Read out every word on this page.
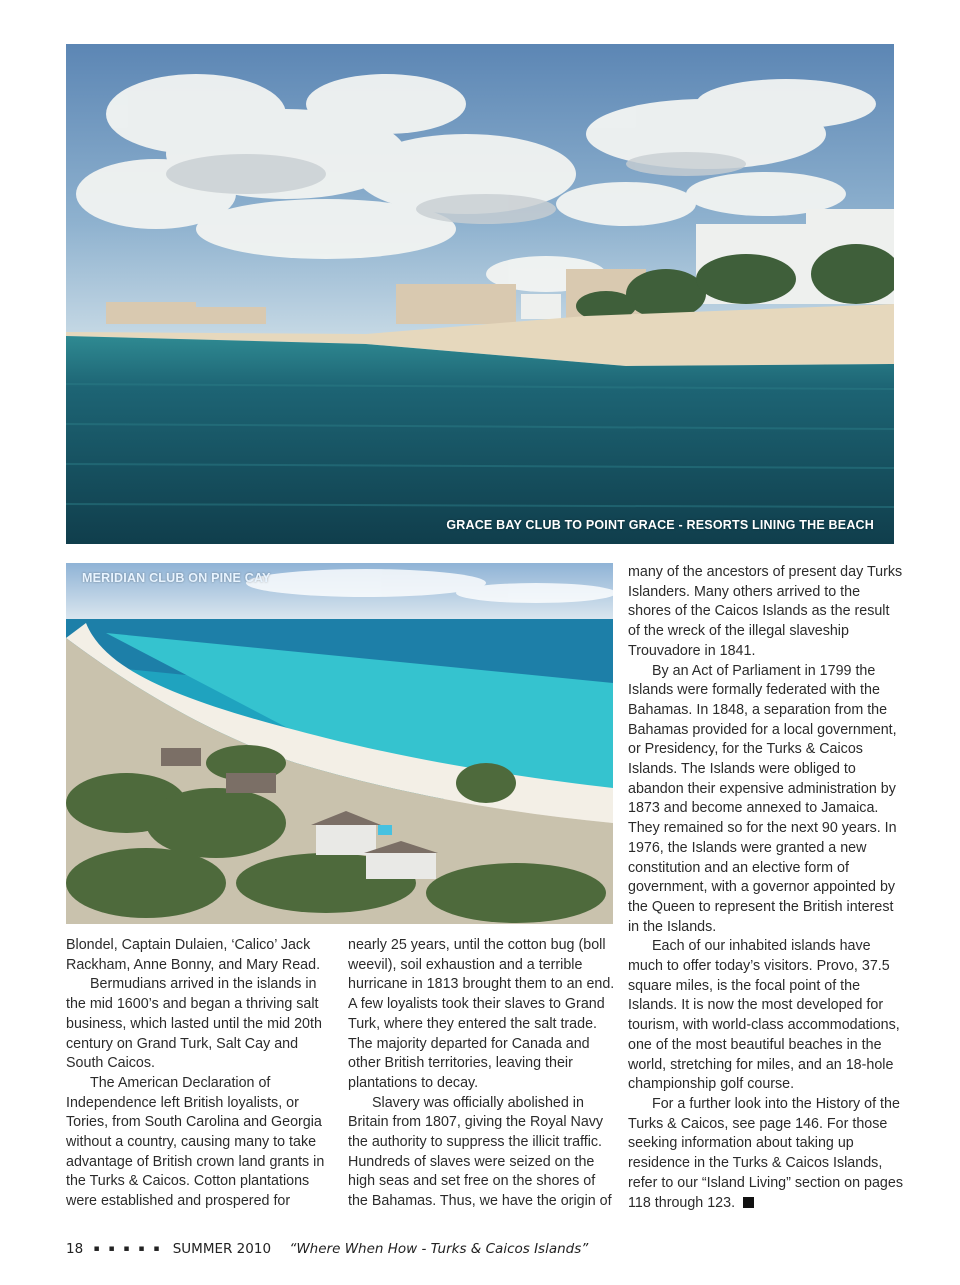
GRACE BAY CLUB TO POINT GRACE - RESORTS LINING THE BEACH
MERIDIAN CLUB ON PINE CAY

Blondel, Captain Dulaien, ‘Calico’ Jack Rackham, Anne Bonny, and Mary Read.

Bermudians arrived in the islands in the mid 1600’s and began a thriving salt business, which lasted until the mid 20th century on Grand Turk, Salt Cay and South Caicos.

The American Declaration of Independence left British loyalists, or Tories, from South Carolina and Georgia without a country, causing many to take advantage of British crown land grants in the Turks & Caicos. Cotton plantations were established and prospered for

nearly 25 years, until the cotton bug (boll weevil), soil exhaustion and a terrible hurricane in 1813 brought them to an end. A few loyalists took their slaves to Grand Turk, where they entered the salt trade. The majority departed for Canada and other British territories, leaving their plantations to decay.

Slavery was officially abolished in Britain from 1807, giving the Royal Navy the authority to suppress the illicit traffic. Hundreds of slaves were seized on the high seas and set free on the shores of the Bahamas. Thus, we have the origin of

many of the ancestors of present day Turks Islanders. Many others arrived to the shores of the Caicos Islands as the result of the wreck of the illegal slaveship Trouvadore in 1841.

By an Act of Parliament in 1799 the Islands were formally federated with the Bahamas. In 1848, a separation from the Bahamas provided for a local government, or Presidency, for the Turks & Caicos Islands. The Islands were obliged to abandon their expensive administration by 1873 and become annexed to Jamaica. They remained so for the next 90 years. In 1976, the Islands were granted a new constitution and an elective form of government, with a governor appointed by the Queen to represent the British interest in the Islands.

Each of our inhabited islands have much to offer today’s visitors. Provo, 37.5 square miles, is the focal point of the Islands. It is now the most developed for tourism, with world-class accommodations, one of the most beautiful beaches in the world, stretching for miles, and an 18-hole championship golf course.

For a further look into the History of the Turks & Caicos, see page 146. For those seeking information about taking up residence in the Turks & Caicos Islands, refer to our “Island Living” section on pages 118 through 123.

18 ▪ ▪ ▪ ▪ ▪ SUMMER 2010 “Where When How - Turks & Caicos Islands”
